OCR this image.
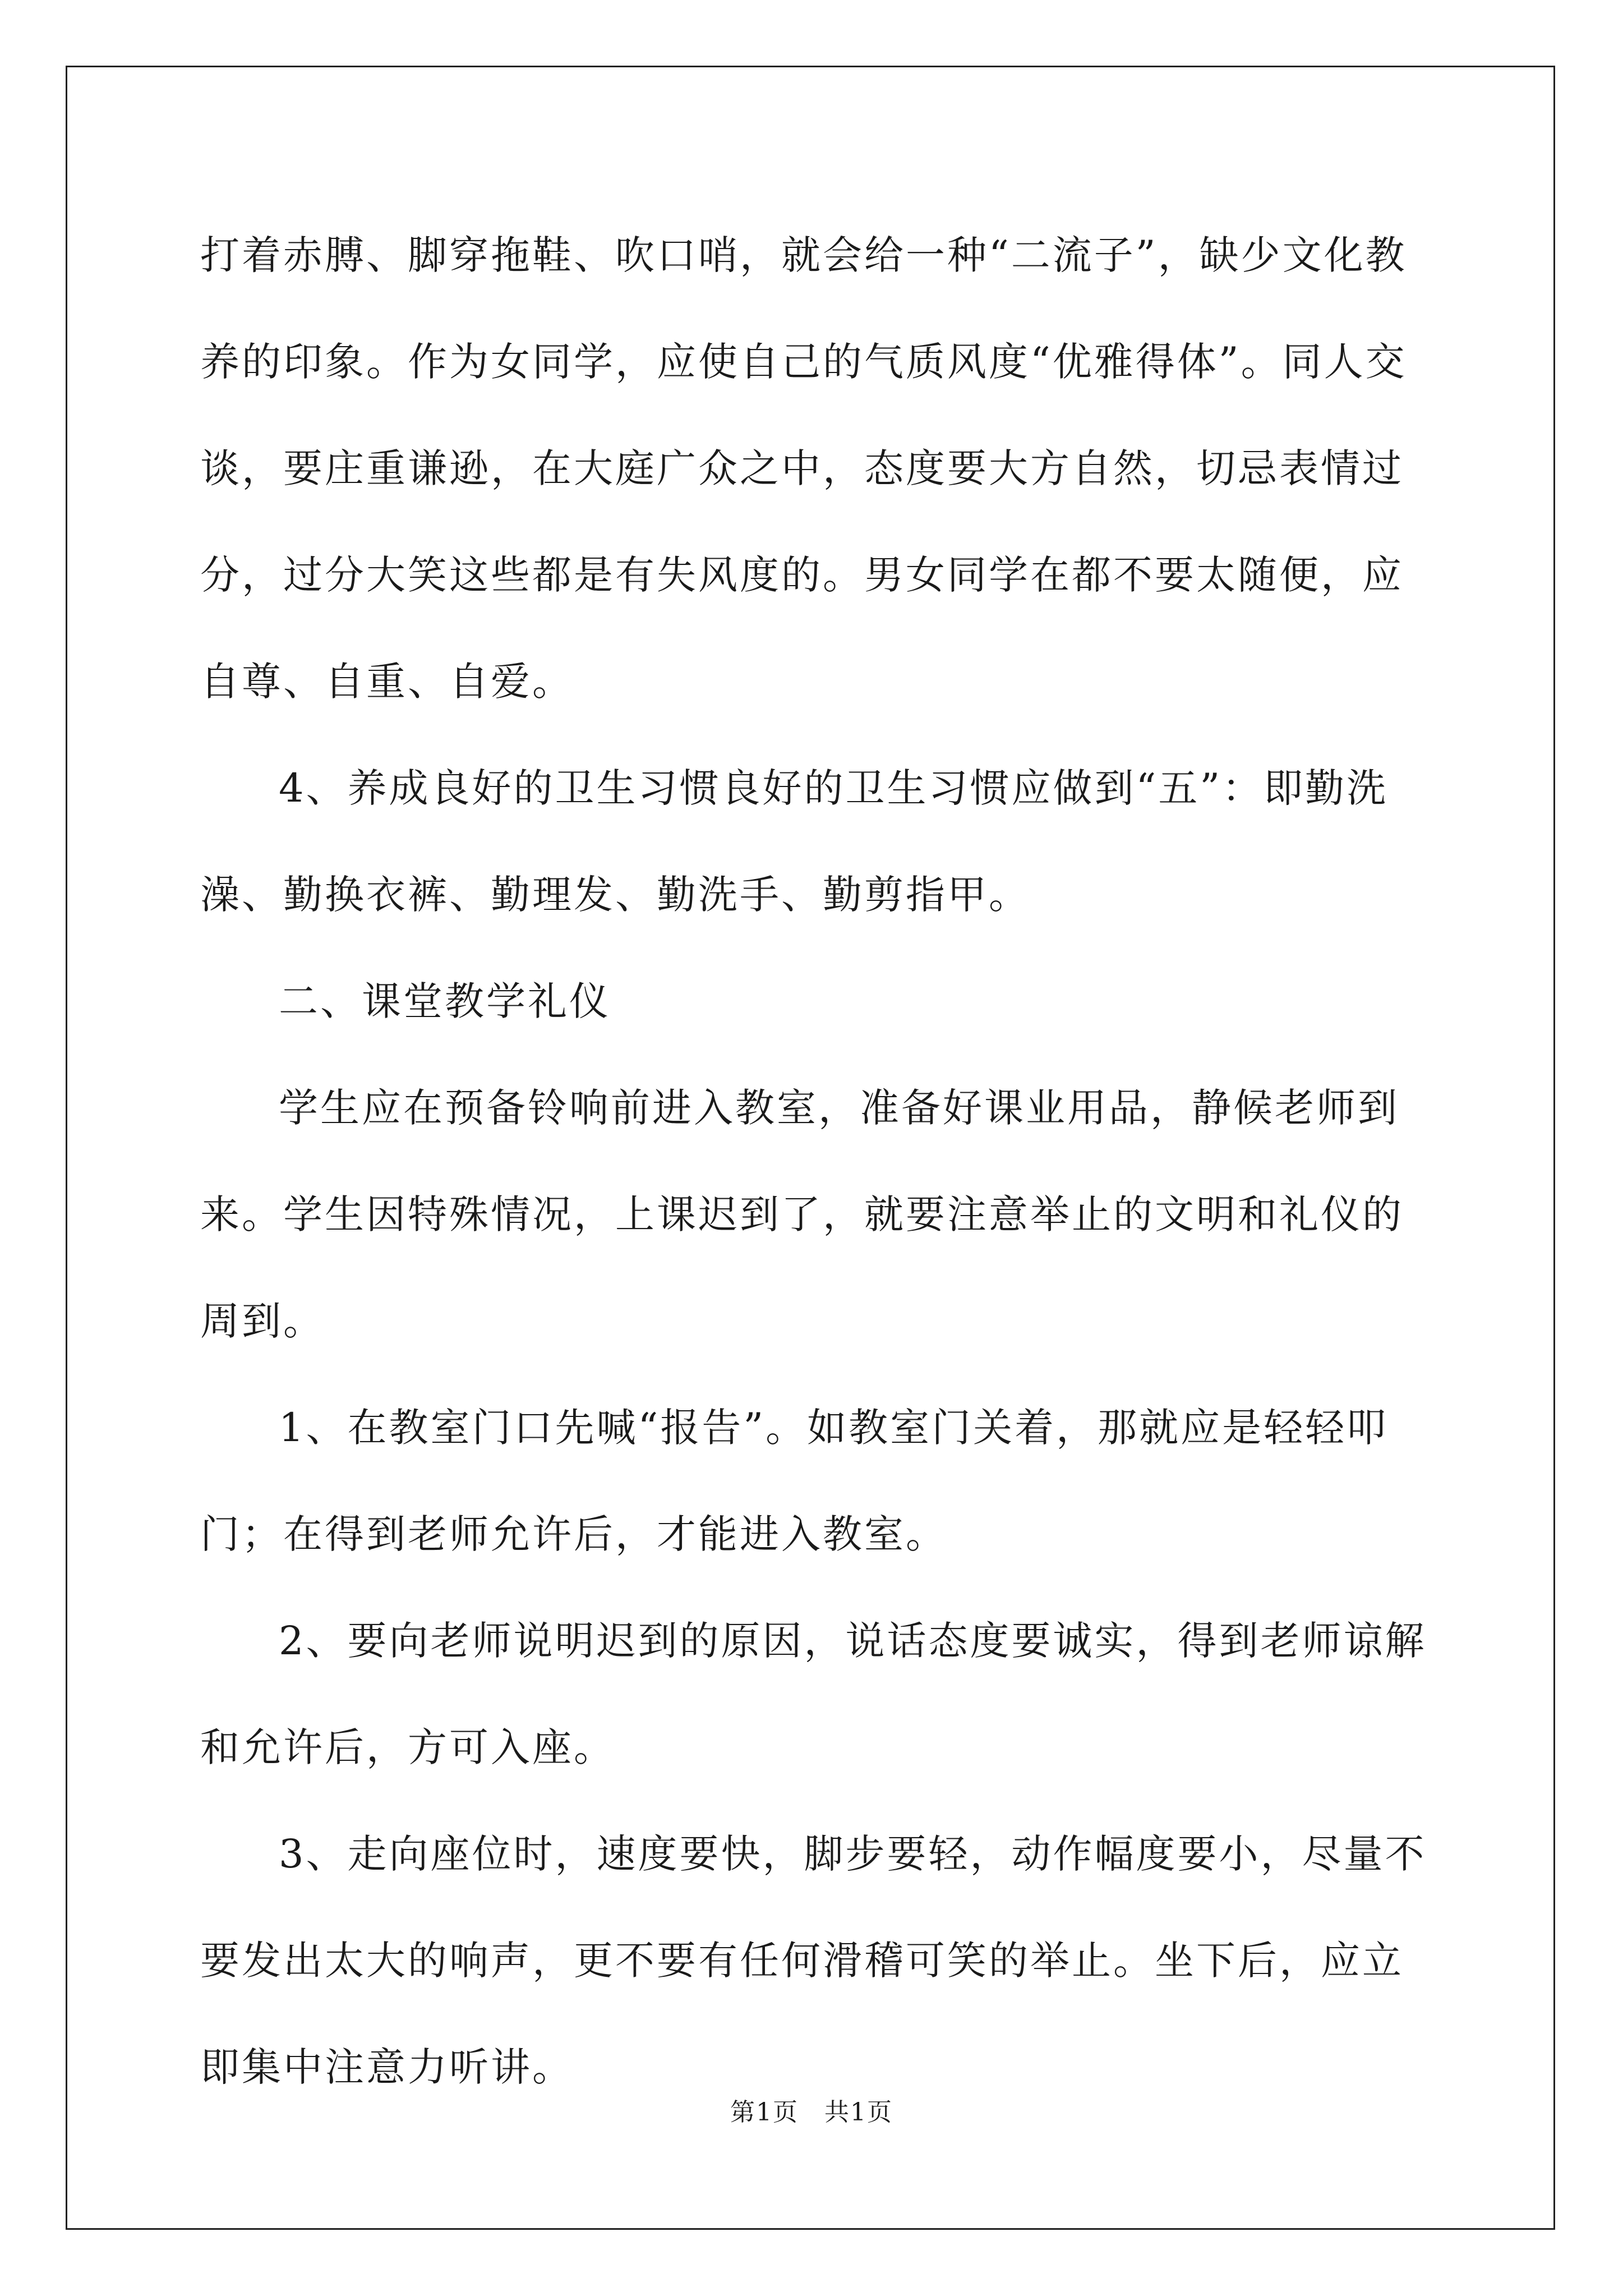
打着赤膊、脚穿拖鞋、吹口哨，就会给一种“二流子”，缺少文化教养的印象。作为女同学，应使自己的气质风度“优雅得体”。同人交谈，要庄重谦逊，在大庭广众之中，态度要大方自然，切忌表情过分，过分大笑这些都是有失风度的。男女同学在都不要太随便，应自尊、自重、自爱。

4、养成良好的卫生习惯良好的卫生习惯应做到“五”：即勤洗澡、勤换衣裤、勤理发、勤洗手、勤剪指甲。

二、课堂教学礼仪

学生应在预备铃响前进入教室，准备好课业用品，静候老师到来。学生因特殊情况，上课迟到了，就要注意举止的文明和礼仪的周到。

1、在教室门口先喊“报告”。如教室门关着，那就应是轻轻叩门；在得到老师允许后，才能进入教室。

2、要向老师说明迟到的原因，说话态度要诚实，得到老师谅解和允许后，方可入座。

3、走向座位时，速度要快，脚步要轻，动作幅度要小，尽量不要发出太大的响声，更不要有任何滑稽可笑的举止。坐下后，应立即集中注意力听讲。

第1页 共1页
